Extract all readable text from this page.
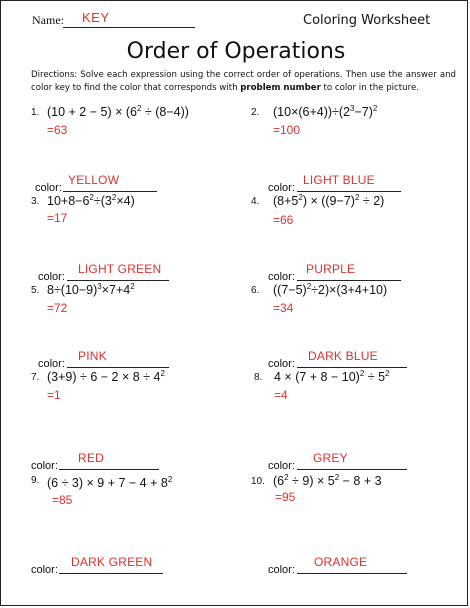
Name: KEY	Coloring Worksheet
Order of Operations
Directions: Solve each expression using the correct order of operations. Then use the answer and color key to find the color that corresponds with problem number to color in the picture.
1. $(10 + 2 - 5) \times (6^2 \div (8-4))$
=63
2. $(10\times(6+4))\div(2^3-7)^2$
=100
color:
YELLOW
color:
LIGHT BLUE
3. $10+8-6^2\div(3^2\times 4)$
=17
4. $(8+5^2) \times ((9-7)^2 \div 2)$
=66
color:
LIGHT GREEN
color:
PURPLE
5. $8\div(10-9)^3\times 7+4^2$
=72
6. $((7-5)^2\div 2)\times(3+4+10)$
=34
color:
PINK
color:
DARK BLUE
7. $(3+9) \div 6 - 2 \times 8 \div 4^2$
=1
8. $4 \times (7 + 8 - 10)^2 \div 5^2$
=4
color:
RED
color:
GREY
9. $(6 \div 3) \times 9 + 7 - 4 + 8^2$
=85
10. $(6^2 \div 9) \times 5^2 - 8 + 3$
=95
color:
DARK GREEN
color:
ORANGE
